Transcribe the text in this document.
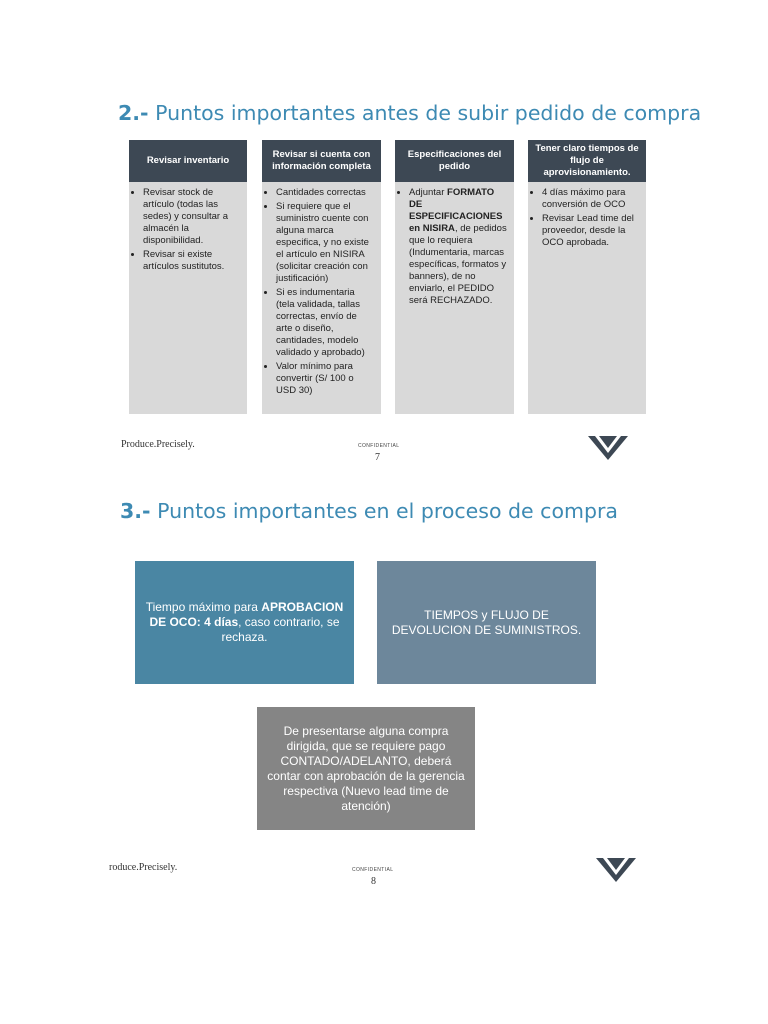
2.- Puntos importantes antes de subir pedido de compra
Revisar inventario
• Revisar stock de artículo (todas las sedes) y consultar a almacén la disponibilidad.
• Revisar si existe artículos sustitutos.
Revisar si cuenta con información completa
• Cantidades correctas
• Si requiere que el suministro cuente con alguna marca especifica, y no existe el artículo en NISIRA (solicitar creación con justificación)
• Si es indumentaria (tela validada, tallas correctas, envío de arte o diseño, cantidades, modelo validado y aprobado)
• Valor mínimo para convertir (S/ 100 o USD 30)
Especificaciones del pedido
• Adjuntar FORMATO DE ESPECIFICACIONES en NISIRA, de pedidos que lo requiera (Indumentaria, marcas específicas, formatos y banners), de no enviarlo, el PEDIDO será RECHAZADO.
Tener claro tiempos de flujo de aprovisionamiento.
• 4 días máximo para conversión de OCO
• Revisar Lead time del proveedor, desde la OCO aprobada.
Produce.Precisely.	CONFIDENTIAL
7
3.- Puntos importantes en el proceso de compra
Tiempo máximo para APROBACION DE OCO: 4 días, caso contrario, se rechaza.
TIEMPOS y FLUJO DE DEVOLUCION DE SUMINISTROS.
De presentarse alguna compra dirigida, que se requiere pago CONTADO/ADELANTO, deberá contar con aprobación de la gerencia respectiva (Nuevo lead time de atención)
roduce.Precisely.	CONFIDENTIAL
8
